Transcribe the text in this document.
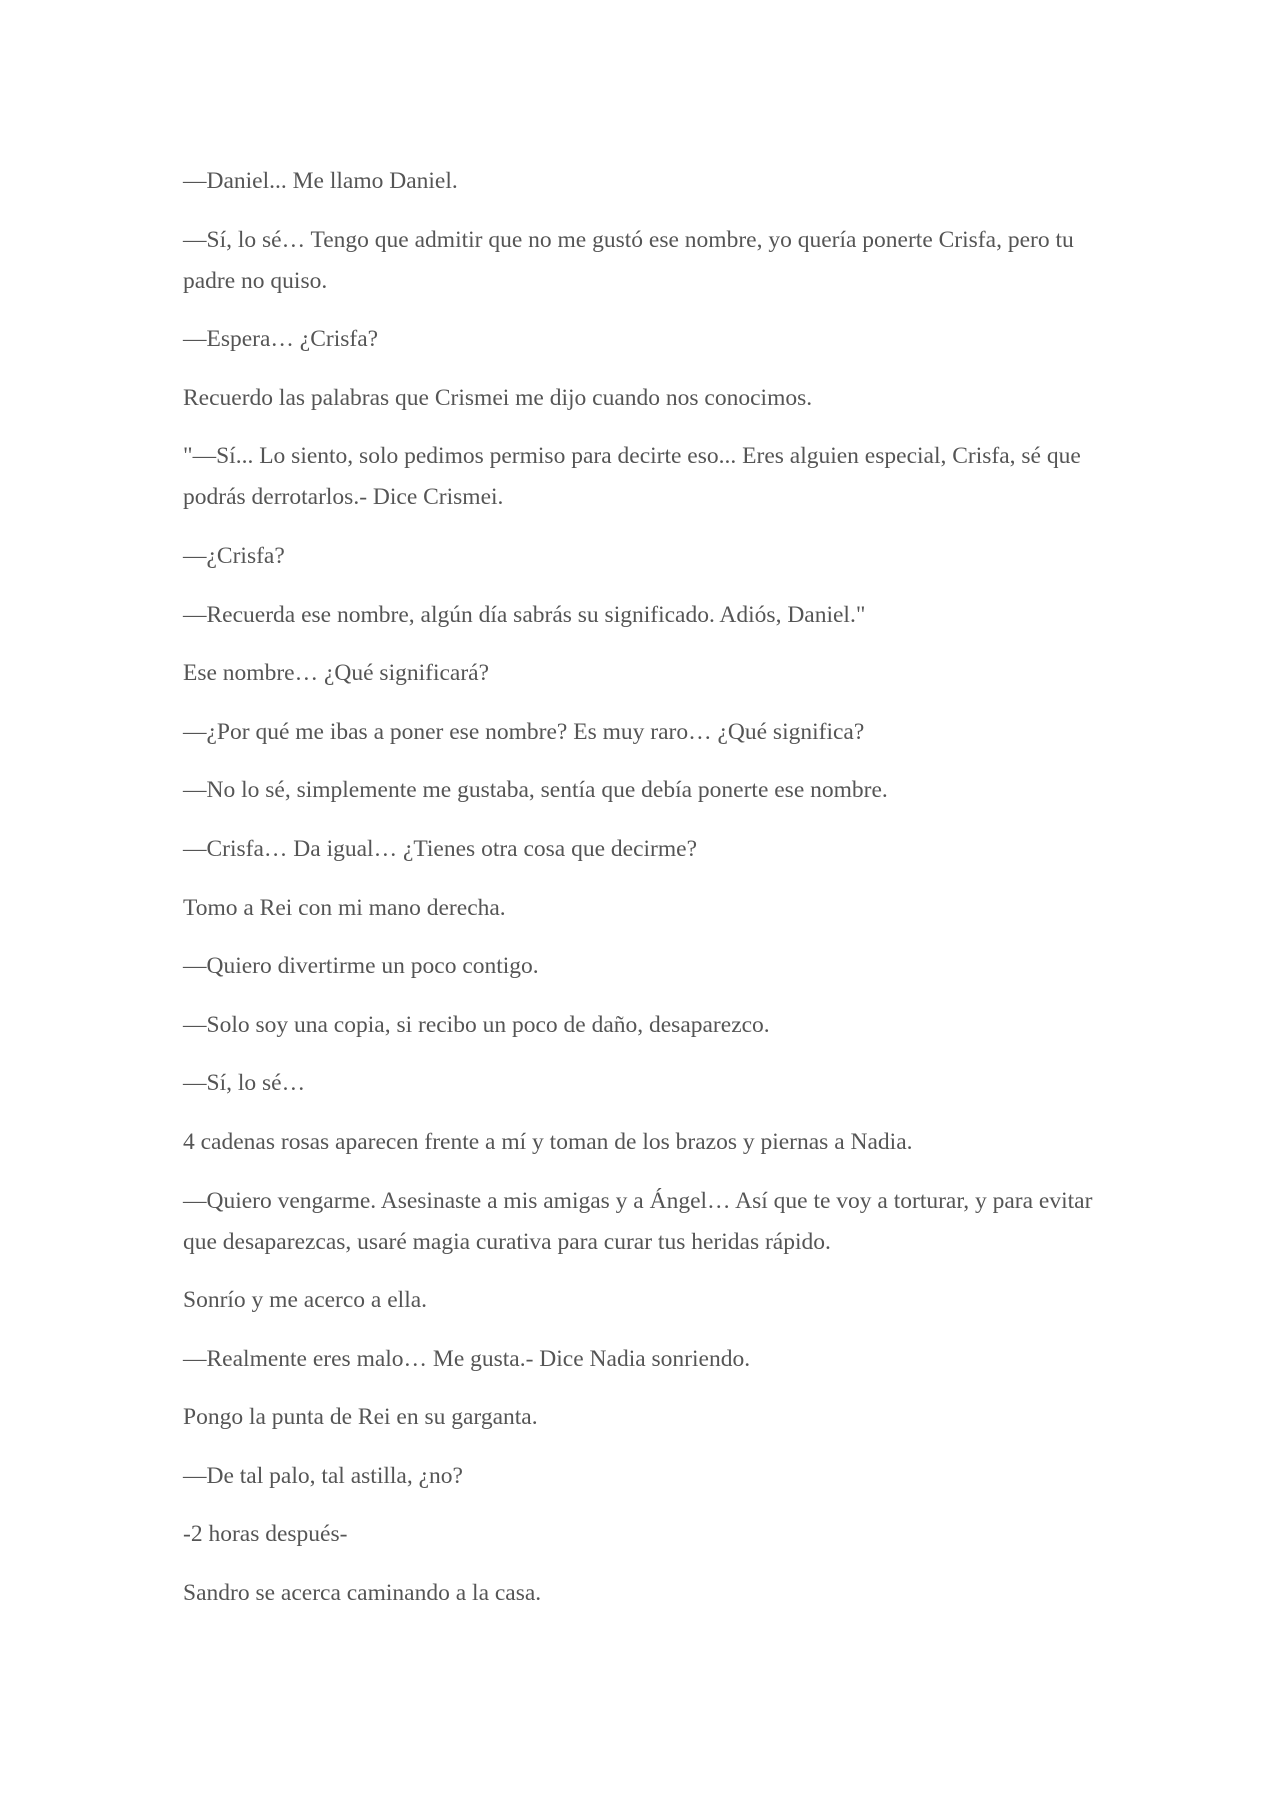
—Daniel... Me llamo Daniel.

—Sí, lo sé… Tengo que admitir que no me gustó ese nombre, yo quería ponerte Crisfa, pero tu padre no quiso.

—Espera… ¿Crisfa?

Recuerdo las palabras que Crismei me dijo cuando nos conocimos.

"—Sí... Lo siento, solo pedimos permiso para decirte eso... Eres alguien especial, Crisfa, sé que podrás derrotarlos.- Dice Crismei.

—¿Crisfa?

—Recuerda ese nombre, algún día sabrás su significado. Adiós, Daniel."

Ese nombre… ¿Qué significará?

—¿Por qué me ibas a poner ese nombre? Es muy raro… ¿Qué significa?

—No lo sé, simplemente me gustaba, sentía que debía ponerte ese nombre.

—Crisfa… Da igual… ¿Tienes otra cosa que decirme?

Tomo a Rei con mi mano derecha.

—Quiero divertirme un poco contigo.

—Solo soy una copia, si recibo un poco de daño, desaparezco.

—Sí, lo sé…

4 cadenas rosas aparecen frente a mí y toman de los brazos y piernas a Nadia.

—Quiero vengarme. Asesinaste a mis amigas y a Ángel… Así que te voy a torturar, y para evitar que desaparezcas, usaré magia curativa para curar tus heridas rápido.

Sonrío y me acerco a ella.

—Realmente eres malo… Me gusta.- Dice Nadia sonriendo.

Pongo la punta de Rei en su garganta.

—De tal palo, tal astilla, ¿no?

-2 horas después-

Sandro se acerca caminando a la casa.
